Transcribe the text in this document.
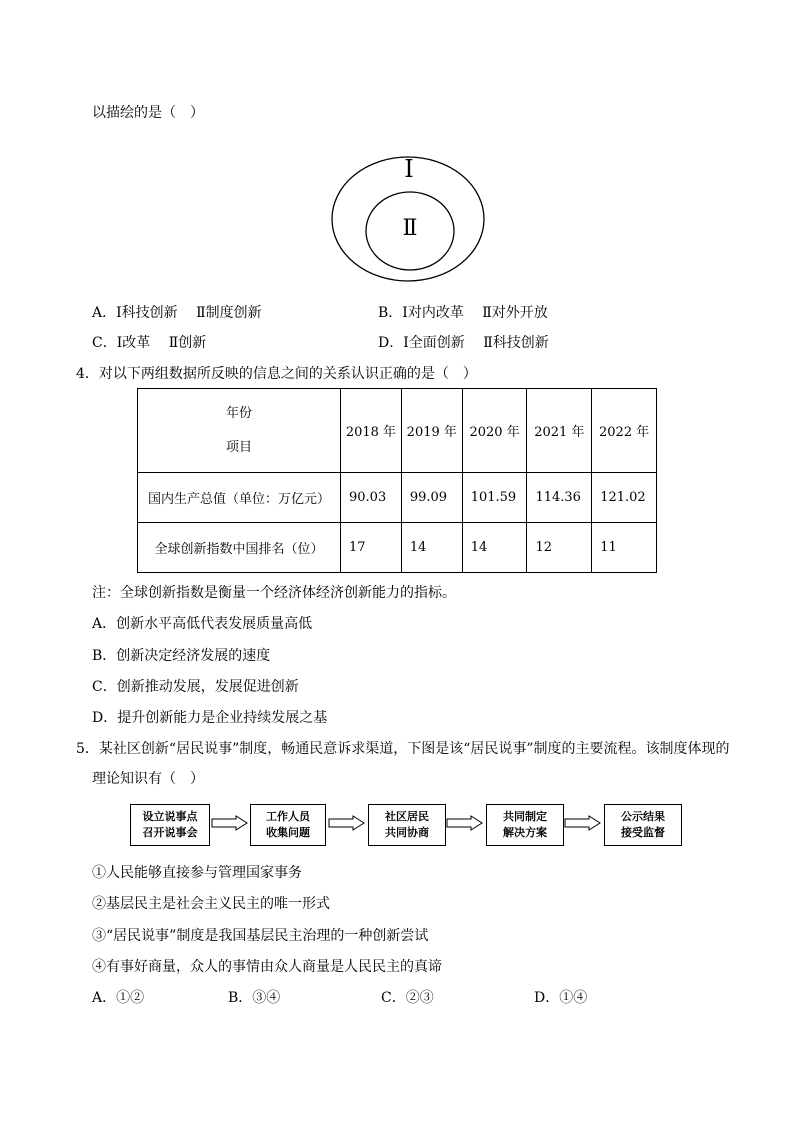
以描绘的是（　）
I
Ⅱ
A．Ⅰ科技创新　 Ⅱ制度创新	B．Ⅰ对内改革　 Ⅱ对外开放
C．Ⅰ改革　 Ⅱ创新	D．Ⅰ全面创新　 Ⅱ科技创新
4．对以下两组数据所反映的信息之间的关系认识正确的是（　）
年份
项目	2018 年	2019 年	2020 年	2021 年	2022 年
国内生产总值（单位：万亿元）	90.03	99.09	101.59	114.36	121.02
全球创新指数中国排名（位）	17	14	14	12	11
注：全球创新指数是衡量一个经济体经济创新能力的指标。
A．创新水平高低代表发展质量高低
B．创新决定经济发展的速度
C．创新推动发展，发展促进创新
D．提升创新能力是企业持续发展之基
5．某社区创新“居民说事”制度，畅通民意诉求渠道，下图是该“居民说事”制度的主要流程。该制度体现的
理论知识有（　）
设立说事点
召开说事会
工作人员
收集问题
社区居民
共同协商
共同制定
解决方案
公示结果
接受监督
①人民能够直接参与管理国家事务
②基层民主是社会主义民主的唯一形式
③“居民说事”制度是我国基层民主治理的一种创新尝试
④有事好商量，众人的事情由众人商量是人民民主的真谛
A．①②	B．③④	C．②③	D．①④
